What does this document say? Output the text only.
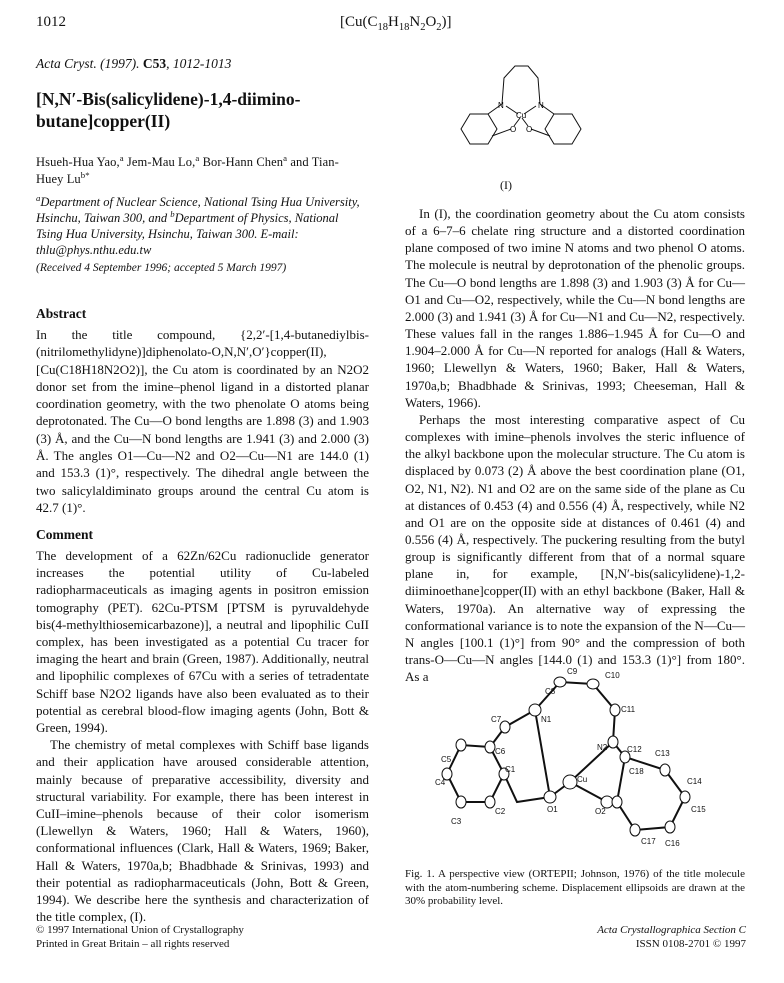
1012	$[Cu(C_{18}H_{18}N_2O_2)]$
Acta Cryst. (1997). C53, 1012-1013
[N,N′-Bis(salicylidene)-1,4-diimino-
butane]copper(II)
Hsueh-Hua Yao,$^a$ Jem-Mau Lo,$^a$ Bor-Hann Chen$^a$ and Tian-Huey $Lu^{b*}$
$^a$Department of Nuclear Science, National Tsing Hua University, Hsinchu, Taiwan 300, and $^b$Department of Physics, National Tsing Hua University, Hsinchu, Taiwan 300. E-mail: thlu@phys.nthu.edu.tw
(Received 4 September 1996; accepted 5 March 1997)
Abstract
In the title compound, {2,2′-[1,4-butanediylbis-(nitrilomethylidyne)]diphenolato-O,N,N′,O′}copper(II), [Cu(C18H18N2O2)], the Cu atom is coordinated by an N2O2 donor set from the imine–phenol ligand in a distorted planar coordination geometry, with the two phenolate O atoms being deprotonated. The Cu—O bond lengths are 1.898 (3) and 1.903 (3) Å, and the Cu—N bond lengths are 1.941 (3) and 2.000 (3) Å. The angles O1—Cu—N2 and O2—Cu—N1 are 144.0 (1) and 153.3 (1)°, respectively. The dihedral angle between the two salicylaldiminato groups around the central Cu atom is 42.7 (1)°.
Comment

The development of a 62Zn/62Cu radionuclide generator increases the potential utility of Cu-labeled radiopharmaceuticals as imaging agents in positron emission tomography (PET). 62Cu-PTSM [PTSM is pyruvaldehyde bis(4-methylthiosemicarbazone)], a neutral and lipophilic CuII complex, has been investigated as a potential Cu tracer for imaging the heart and brain (Green, 1987). Additionally, neutral and lipophilic complexes of 67Cu with a series of tetradentate Schiff base N2O2 ligands have also been evaluated as to their potential as cerebral blood-flow imaging agents (John, Bott & Green, 1994).

The chemistry of metal complexes with Schiff base ligands and their application have aroused considerable attention, mainly because of preparative accessibility, diversity and structural variability. For example, there has been interest in CuII–imine–phenols because of their color isomerism (Llewellyn & Waters, 1960; Hall & Waters, 1960), conformational influences (Clark, Hall & Waters, 1969; Baker, Hall & Waters, 1970a,b; Bhadbhade & Srinivas, 1993) and their potential as radiopharmaceuticals (John, Bott & Green, 1994). We describe here the synthesis and characterization of the title complex, (I).

N
Cu
N
O O
(I)

In (I), the coordination geometry about the Cu atom consists of a 6–7–6 chelate ring structure and a distorted coordination plane composed of two imine N atoms and two phenol O atoms. The molecule is neutral by deprotonation of the phenolic groups. The Cu—O bond lengths are 1.898 (3) and 1.903 (3) Å for Cu—O1 and Cu—O2, respectively, while the Cu—N bond lengths are 2.000 (3) and 1.941 (3) Å for Cu—N1 and Cu—N2, respectively. These values fall in the ranges 1.886–1.945 Å for Cu—O and 1.904–2.000 Å for Cu—N reported for analogs (Hall & Waters, 1960; Llewellyn & Waters, 1960; Baker, Hall & Waters, 1970a,b; Bhadbhade & Srinivas, 1993; Cheeseman, Hall & Waters, 1966).

Perhaps the most interesting comparative aspect of Cu complexes with imine–phenols involves the steric influence of the alkyl backbone upon the molecular structure. The Cu atom is displaced by 0.073 (2) Å above the best coordination plane (O1, O2, N1, N2). N1 and O2 are on the same side of the plane as Cu at distances of 0.453 (4) and 0.556 (4) Å, respectively, while N2 and O1 are on the opposite side at distances of 0.461 (4) and 0.556 (4) Å, respectively. The puckering resulting from the butyl group is significantly different from that of a normal square plane in, for example, [N,N′-bis(salicylidene)-1,2-diiminoethane]copper(II) with an ethyl backbone (Baker, Hall & Waters, 1970a). An alternative way of expressing the conformational variance is to note the expansion of the N—Cu—N angles [100.1 (1)°] from 90° and the compression of both trans-O—Cu—N angles [144.0 (1) and 153.3 (1)°] from 180°. As a	C9	C10
C8
C11
C7	N1
C6	N2 C12 C13
C5
C1
Cu
C18
C14
C4
O1	O2	C15
C2
C3
C17 C16
Fig. 1. A perspective view (ORTEPII; Johnson, 1976) of the title molecule with the atom-numbering scheme. Displacement ellipsoids are drawn at the 30% probability level.
© 1997 International Union of Crystallography
Printed in Great Britain – all rights reserved
Acta Crystallographica Section C
ISSN 0108-2701 © 1997
